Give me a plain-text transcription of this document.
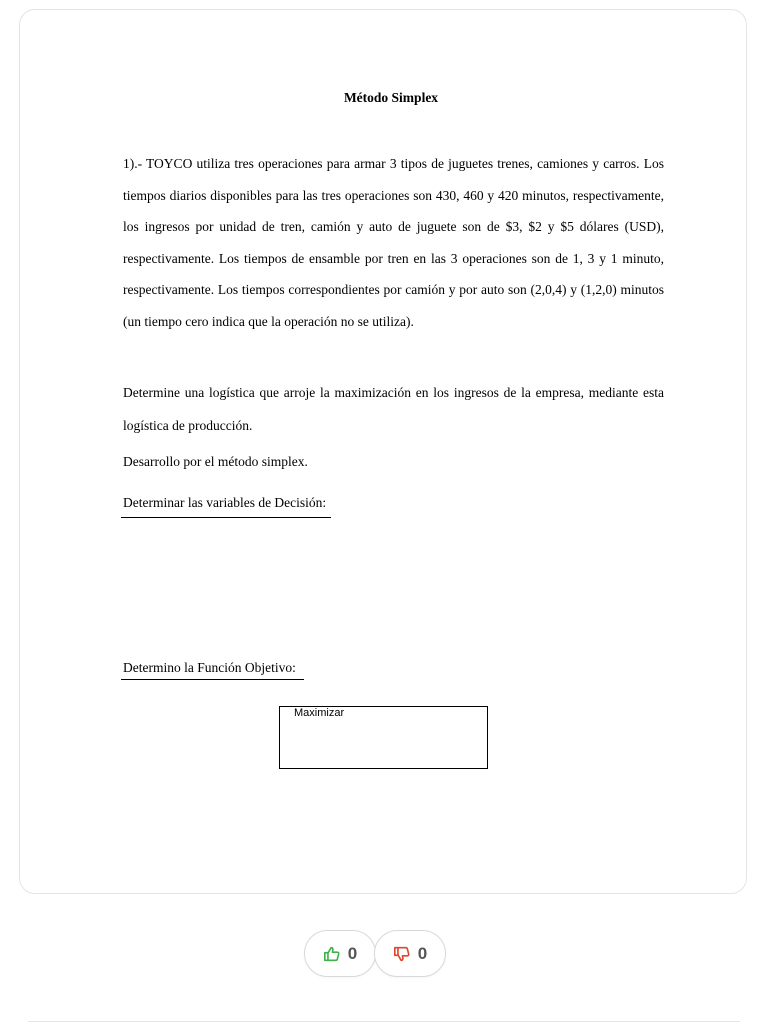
Método Simplex

1).- TOYCO utiliza tres operaciones para armar 3 tipos de juguetes trenes, camiones y carros. Los tiempos diarios disponibles para las tres operaciones son 430, 460 y 420 minutos, respectivamente, los ingresos por unidad de tren, camión y auto de juguete son de $3, $2 y $5 dólares (USD), respectivamente. Los tiempos de ensamble por tren en las 3 operaciones son de 1, 3 y 1 minuto, respectivamente. Los tiempos correspondientes por camión y por auto son (2,0,4) y (1,2,0) minutos (un tiempo cero indica que la operación no se utiliza).

Determine una logística que arroje la maximización en los ingresos de la empresa, mediante esta logística de producción.

Desarrollo por el método simplex.

Determinar las variables de Decisión:

Determino la Función Objetivo:

Maximizar
0	0
